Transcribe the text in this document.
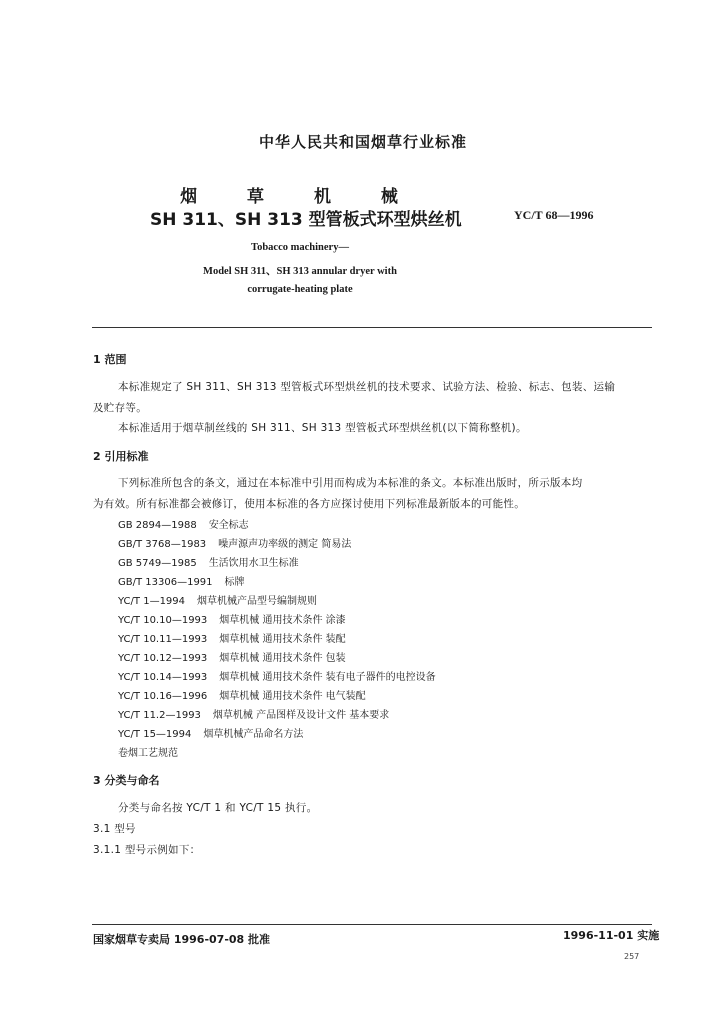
中华人民共和国烟草行业标准
烟 草 机 械
SH 311、SH 313 型管板式环型烘丝机	YC/T 68—1996
Tobacco machinery—
Model SH 311、SH 313 annular dryer with
corrugate-heating plate
1 范围
本标准规定了 SH 311、SH 313 型管板式环型烘丝机的技术要求、试验方法、检验、标志、包装、运输
及贮存等。
本标准适用于烟草制丝线的 SH 311、SH 313 型管板式环型烘丝机(以下简称整机)。
2 引用标准
下列标准所包含的条文，通过在本标准中引用而构成为本标准的条文。本标准出版时，所示版本均
为有效。所有标准都会被修订，使用本标准的各方应探讨使用下列标准最新版本的可能性。
GB 2894—1988 安全标志
GB/T 3768—1983 噪声源声功率级的测定 简易法
GB 5749—1985 生活饮用水卫生标准
GB/T 13306—1991 标牌
YC/T 1—1994 烟草机械产品型号编制规则
YC/T 10.10—1993 烟草机械 通用技术条件 涂漆
YC/T 10.11—1993 烟草机械 通用技术条件 装配
YC/T 10.12—1993 烟草机械 通用技术条件 包装
YC/T 10.14—1993 烟草机械 通用技术条件 装有电子器件的电控设备
YC/T 10.16—1996 烟草机械 通用技术条件 电气装配
YC/T 11.2—1993 烟草机械 产品图样及设计文件 基本要求
YC/T 15—1994 烟草机械产品命名方法
卷烟工艺规范
3 分类与命名
分类与命名按 YC/T 1 和 YC/T 15 执行。
3.1 型号
3.1.1 型号示例如下：
国家烟草专卖局 1996-07-08 批准	1996-11-01 实施
257
